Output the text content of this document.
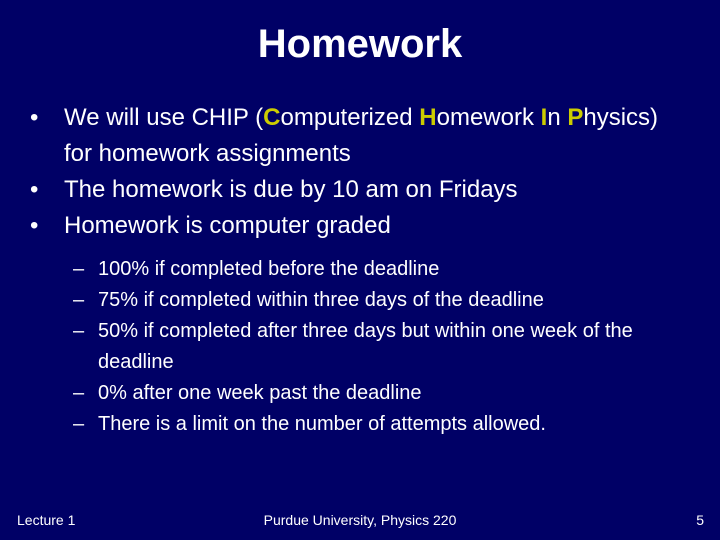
Homework

• We will use CHIP (Computerized Homework In Physics) for homework assignments

• The homework is due by 10 am on Fridays

• Homework is computer graded

– 100% if completed before the deadline

– 75% if completed within three days of the deadline

– 50% if completed after three days but within one week of the deadline

– 0% after one week past the deadline

– There is a limit on the number of attempts allowed.

Lecture 1	Purdue University, Physics 220	5
